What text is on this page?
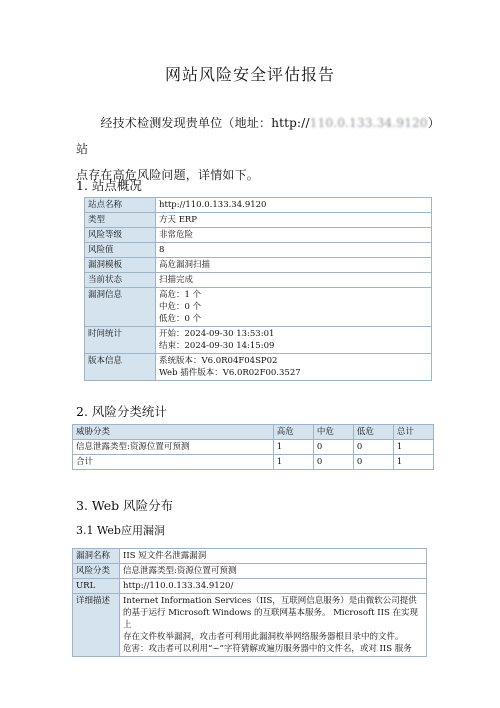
网站风险安全评估报告
  经技术检测发现贵单位（地址：http://110.0.133.34.9120）站
点存在高危风险问题，详情如下。
1. 站点概况
站点名称	http://110.0.133.34.9120
类型	方天 ERP
风险等级	非常危险
风险值	8
漏洞模板	高危漏洞扫描
当前状态	扫描完成
漏洞信息	高危：1 个
中危：0 个
低危：0 个

时间统计	开始：2024-09-30 13:53:01
结束：2024-09-30 14:15:09

版本信息	系统版本：V6.0R04F04SP02
Web 插件版本：V6.0R02F00.3527
2. 风险分类统计
威胁分类	高危	中危	低危	总计
信息泄露类型:资源位置可预测	1	0	0	1
合计	1	0	0	1
3. Web 风险分布
3.1 Web应用漏洞
漏洞名称	IIS 短文件名泄露漏洞
风险分类	信息泄露类型:资源位置可预测
URL	http://110.0.133.34.9120/
详细描述	Internet Information Services（IIS，互联网信息服务）是由微软公司提供
的基于运行 Microsoft Windows 的互联网基本服务。 Microsoft IIS 在实现上
存在文件枚举漏洞，攻击者可利用此漏洞枚举网络服务器根目录中的文件。
危害：攻击者可以利用“~”字符猜解或遍历服务器中的文件名，或对 IIS 服务
